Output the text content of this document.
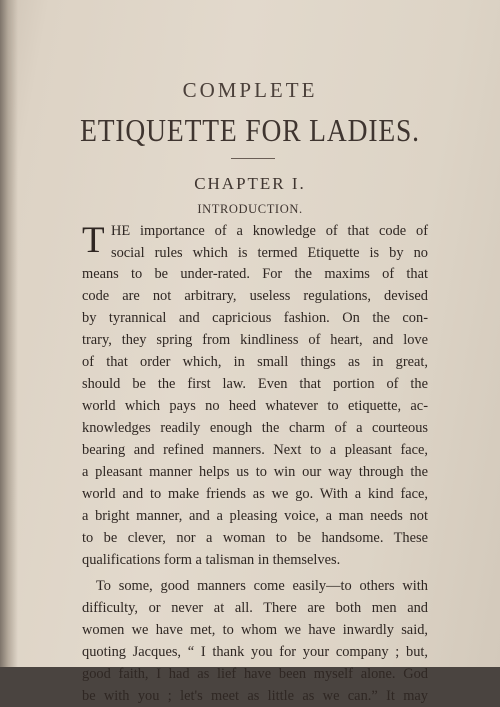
COMPLETE
ETIQUETTE FOR LADIES.
CHAPTER I.
INTRODUCTION.
T HE importance of a knowledge of that code of
social rules which is termed Etiquette is by no
means to be under-rated. For the maxims of that
code are not arbitrary, useless regulations, devised
by tyrannical and capricious fashion. On the con-
trary, they spring from kindliness of heart, and love
of that order which, in small things as in great,
should be the first law. Even that portion of the
world which pays no heed whatever to etiquette, ac-
knowledges readily enough the charm of a courteous
bearing and refined manners. Next to a pleasant face,
a pleasant manner helps us to win our way through the
world and to make friends as we go. With a kind face,
a bright manner, and a pleasing voice, a man needs not
to be clever, nor a woman to be handsome. These
qualifications form a talisman in themselves.
To some, good manners come easily—to others with
difficulty, or never at all. There are both men and
women we have met, to whom we have inwardly said,
quoting Jacques, “ I thank you for your company ; but,
good faith, I had as lief have been myself alone. God
be with you ; let's meet as little as we can.” It may
